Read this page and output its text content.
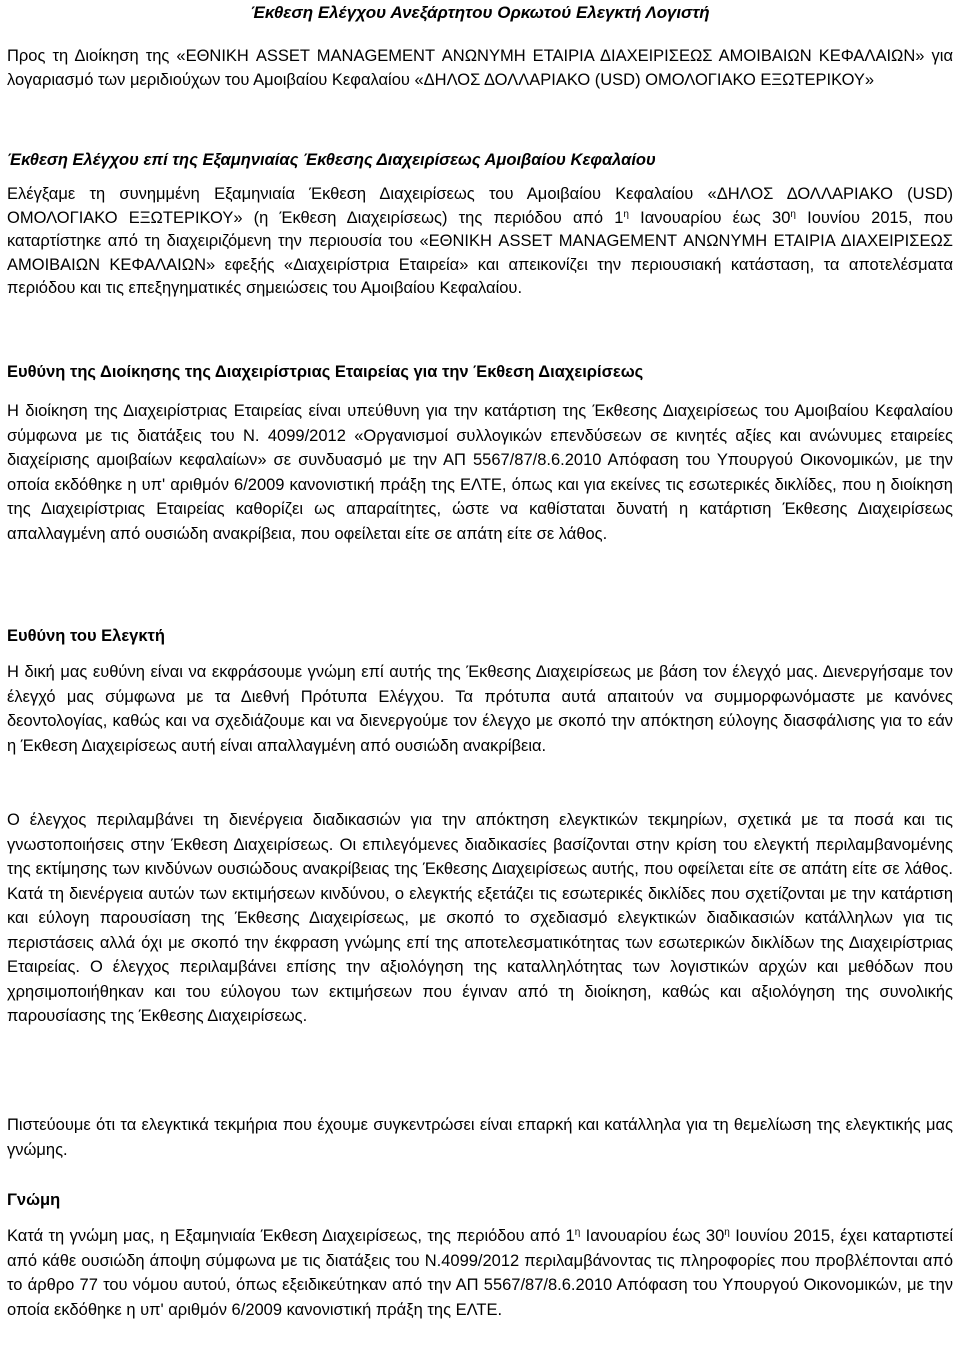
Έκθεση Ελέγχου Ανεξάρτητου Ορκωτού Ελεγκτή Λογιστή
Προς τη Διοίκηση της «ΕΘΝΙΚΗ ASSET MANAGEMENT ΑΝΩΝΥΜΗ ΕΤΑΙΡΙΑ ΔΙΑΧΕΙΡΙΣΕΩΣ ΑΜΟΙΒΑΙΩΝ ΚΕΦΑΛΑΙΩΝ» για λογαριασμό των μεριδιούχων του Αμοιβαίου Κεφαλαίου «ΔΗΛΟΣ ΔΟΛΛΑΡΙΑΚΟ (USD) ΟΜΟΛΟΓΙΑΚΟ ΕΞΩΤΕΡΙΚΟΥ»
Έκθεση Ελέγχου επί της Εξαμηνιαίας Έκθεσης Διαχειρίσεως Αμοιβαίου Κεφαλαίου
Ελέγξαμε τη συνημμένη Εξαμηνιαία Έκθεση Διαχειρίσεως του Αμοιβαίου Κεφαλαίου «ΔΗΛΟΣ ΔΟΛΛΑΡΙΑΚΟ (USD) ΟΜΟΛΟΓΙΑΚΟ ΕΞΩΤΕΡΙΚΟΥ» (η Έκθεση Διαχειρίσεως) της περιόδου από $1^\eta$ Ιανουαρίου έως $30^\eta$ Ιουνίου 2015, που καταρτίστηκε από τη διαχειριζόμενη την περιουσία του «ΕΘΝΙΚΗ ASSET MANAGEMENT ΑΝΩΝΥΜΗ ΕΤΑΙΡΙΑ ΔΙΑΧΕΙΡΙΣΕΩΣ ΑΜΟΙΒΑΙΩΝ ΚΕΦΑΛΑΙΩΝ» εφεξής «Διαχειρίστρια Εταιρεία» και απεικονίζει την περιουσιακή κατάσταση, τα αποτελέσματα περιόδου και τις επεξηγηματικές σημειώσεις του Αμοιβαίου Κεφαλαίου.
Ευθύνη της Διοίκησης της Διαχειρίστριας Εταιρείας για την Έκθεση Διαχειρίσεως
Η διοίκηση της Διαχειρίστριας Εταιρείας είναι υπεύθυνη για την κατάρτιση της Έκθεσης Διαχειρίσεως του Αμοιβαίου Κεφαλαίου σύμφωνα με τις διατάξεις του Ν. 4099/2012 «Οργανισμοί συλλογικών επενδύσεων σε κινητές αξίες και ανώνυμες εταιρείες διαχείρισης αμοιβαίων κεφαλαίων» σε συνδυασμό με την ΑΠ 5567/87/8.6.2010 Απόφαση του Υπουργού Οικονομικών, με την οποία εκδόθηκε η υπ' αριθμόν 6/2009 κανονιστική πράξη της ΕΛΤΕ, όπως και για εκείνες τις εσωτερικές δικλίδες, που η διοίκηση της Διαχειρίστριας Εταιρείας καθορίζει ως απαραίτητες, ώστε να καθίσταται δυνατή η κατάρτιση Έκθεσης Διαχειρίσεως απαλλαγμένη από ουσιώδη ανακρίβεια, που οφείλεται είτε σε απάτη είτε σε λάθος.
Ευθύνη του Ελεγκτή
Η δική μας ευθύνη είναι να εκφράσουμε γνώμη επί αυτής της Έκθεσης Διαχειρίσεως με βάση τον έλεγχό μας. Διενεργήσαμε τον έλεγχό μας σύμφωνα με τα Διεθνή Πρότυπα Ελέγχου. Τα πρότυπα αυτά απαιτούν να συμμορφωνόμαστε με κανόνες δεοντολογίας, καθώς και να σχεδιάζουμε και να διενεργούμε τον έλεγχο με σκοπό την απόκτηση εύλογης διασφάλισης για το εάν η Έκθεση Διαχειρίσεως αυτή είναι απαλλαγμένη από ουσιώδη ανακρίβεια.
Ο έλεγχος περιλαμβάνει τη διενέργεια διαδικασιών για την απόκτηση ελεγκτικών τεκμηρίων, σχετικά με τα ποσά και τις γνωστοποιήσεις στην Έκθεση Διαχειρίσεως. Οι επιλεγόμενες διαδικασίες βασίζονται στην κρίση του ελεγκτή περιλαμβανομένης της εκτίμησης των κινδύνων ουσιώδους ανακρίβειας της Έκθεσης Διαχειρίσεως αυτής, που οφείλεται είτε σε απάτη είτε σε λάθος. Κατά τη διενέργεια αυτών των εκτιμήσεων κινδύνου, ο ελεγκτής εξετάζει τις εσωτερικές δικλίδες που σχετίζονται με την κατάρτιση και εύλογη παρουσίαση της Έκθεσης Διαχειρίσεως, με σκοπό το σχεδιασμό ελεγκτικών διαδικασιών κατάλληλων για τις περιστάσεις αλλά όχι με σκοπό την έκφραση γνώμης επί της αποτελεσματικότητας των εσωτερικών δικλίδων της Διαχειρίστριας Εταιρείας. Ο έλεγχος περιλαμβάνει επίσης την αξιολόγηση της καταλληλότητας των λογιστικών αρχών και μεθόδων που χρησιμοποιήθηκαν και του εύλογου των εκτιμήσεων που έγιναν από τη διοίκηση, καθώς και αξιολόγηση της συνολικής παρουσίασης της Έκθεσης Διαχειρίσεως.
Πιστεύουμε ότι τα ελεγκτικά τεκμήρια που έχουμε συγκεντρώσει είναι επαρκή και κατάλληλα για τη θεμελίωση της ελεγκτικής μας γνώμης.
Γνώμη
Κατά τη γνώμη μας, η Εξαμηνιαία Έκθεση Διαχειρίσεως, της περιόδου από $1^\eta$ Ιανουαρίου έως $30^\eta$ Ιουνίου 2015, έχει καταρτιστεί από κάθε ουσιώδη άποψη σύμφωνα με τις διατάξεις του Ν.4099/2012 περιλαμβάνοντας τις πληροφορίες που προβλέπονται από το άρθρο 77 του νόμου αυτού, όπως εξειδικεύτηκαν από την ΑΠ 5567/87/8.6.2010 Απόφαση του Υπουργού Οικονομικών, με την οποία εκδόθηκε η υπ' αριθμόν 6/2009 κανονιστική πράξη της ΕΛΤΕ.
